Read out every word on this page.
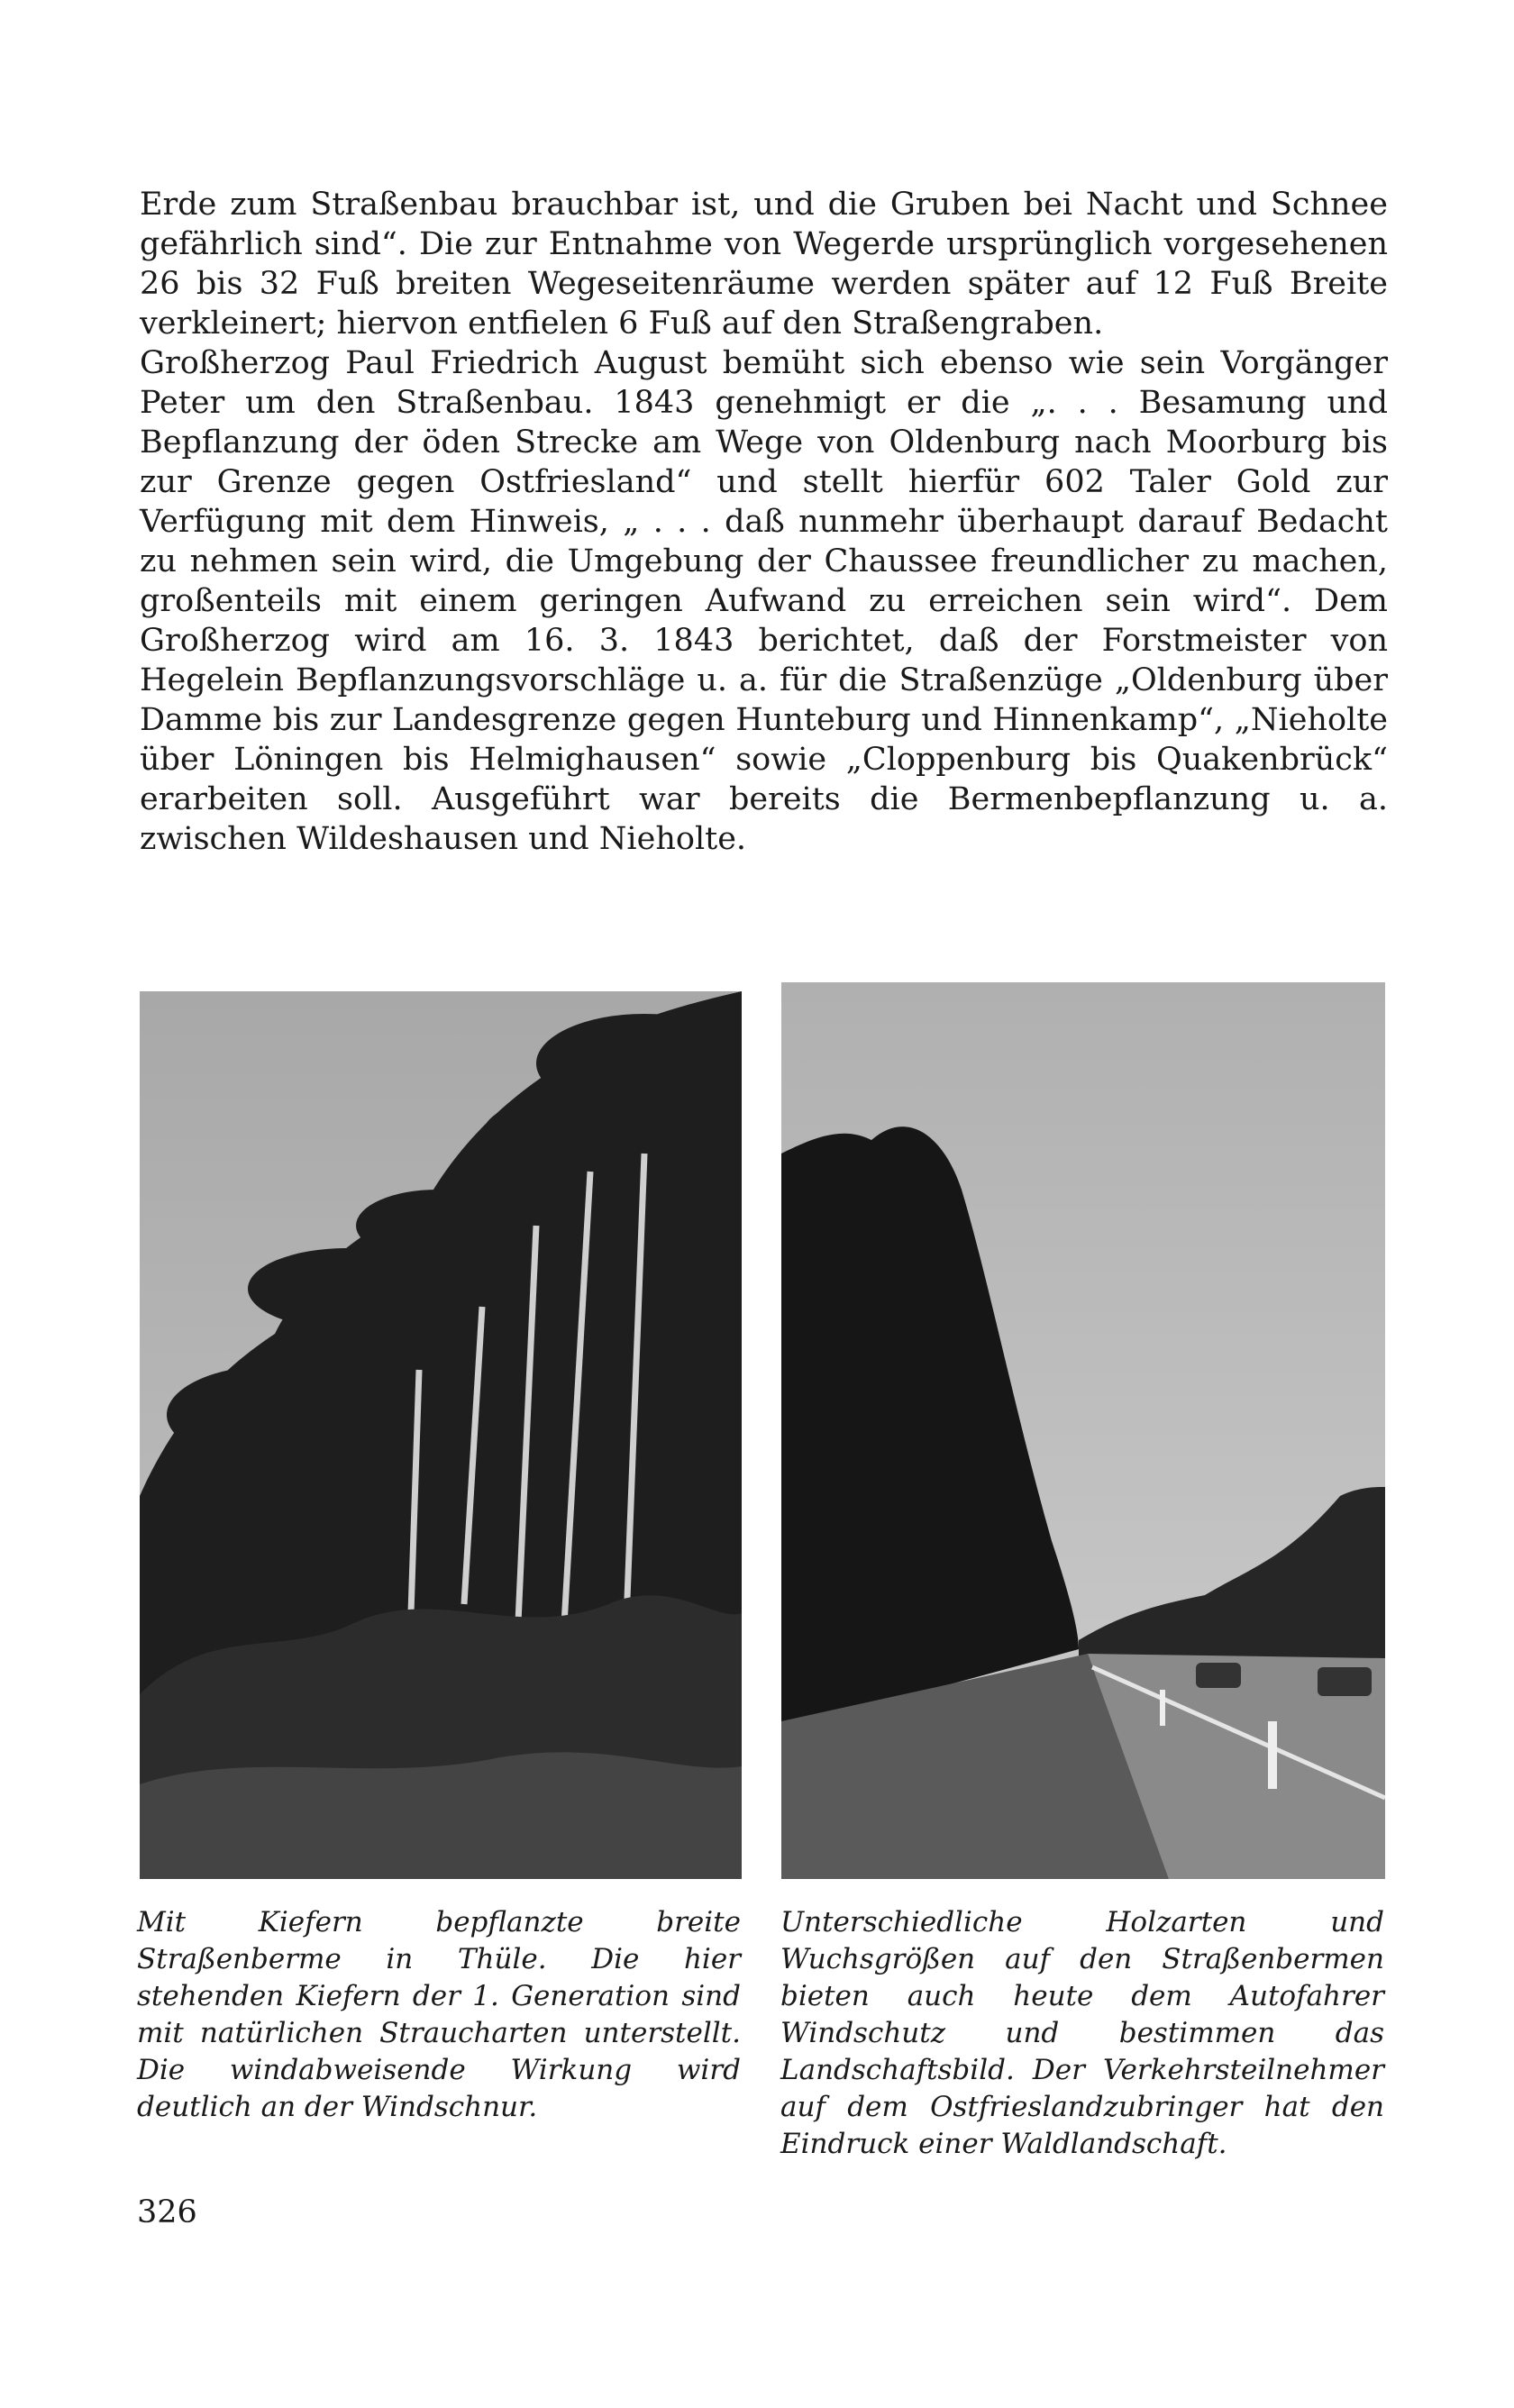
Erde zum Straßenbau brauchbar ist, und die Gruben bei Nacht und Schnee gefährlich sind“. Die zur Entnahme von Wegerde ursprünglich vorgesehenen 26 bis 32 Fuß breiten Wegeseitenräume werden später auf 12 Fuß Breite verkleinert; hiervon entfielen 6 Fuß auf den Straßengraben.

Großherzog Paul Friedrich August bemüht sich ebenso wie sein Vorgänger Peter um den Straßenbau. 1843 genehmigt er die „. . . Besamung und Bepflanzung der öden Strecke am Wege von Oldenburg nach Moorburg bis zur Grenze gegen Ostfriesland“ und stellt hierfür 602 Taler Gold zur Verfügung mit dem Hinweis, „ . . . daß nunmehr überhaupt darauf Bedacht zu nehmen sein wird, die Umgebung der Chaussee freundlicher zu machen, großenteils mit einem geringen Aufwand zu erreichen sein wird“. Dem Großherzog wird am 16. 3. 1843 berichtet, daß der Forstmeister von Hegelein Bepflanzungsvorschläge u. a. für die Straßenzüge „Oldenburg über Damme bis zur Landesgrenze gegen Hunteburg und Hinnenkamp“, „Nieholte über Löningen bis Helmighausen“ sowie „Cloppenburg bis Quakenbrück“ erarbeiten soll. Ausgeführt war bereits die Bermenbepflanzung u. a. zwischen Wildeshausen und Nieholte.

Mit Kiefern bepflanzte breite Straßenberme in Thüle. Die hier stehenden Kiefern der 1. Generation sind mit natürlichen Straucharten unterstellt. Die windabweisende Wirkung wird deutlich an der Windschnur.

Unterschiedliche Holzarten und Wuchsgrößen auf den Straßenbermen bieten auch heute dem Autofahrer Windschutz und bestimmen das Landschaftsbild. Der Verkehrsteilnehmer auf dem Ostfrieslandzubringer hat den Eindruck einer Waldlandschaft.

326
